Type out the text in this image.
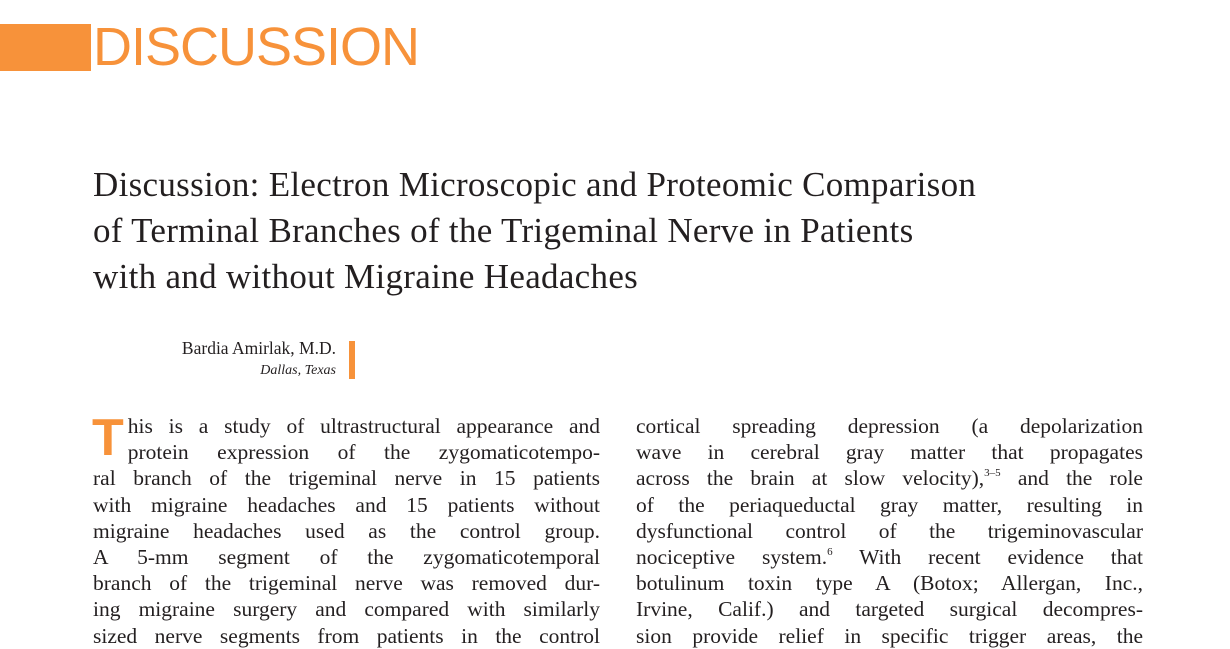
DISCUSSION
Discussion: Electron Microscopic and Proteomic Comparison
of Terminal Branches of the Trigeminal Nerve in Patients
with and without Migraine Headaches
Bardia Amirlak, M.D.
Dallas, Texas
T his is a study of ultrastructural appearance and
protein expression of the zygomaticotempo-
ral branch of the trigeminal nerve in 15 patients
with migraine headaches and 15 patients without
migraine headaches used as the control group.
A 5-mm segment of the zygomaticotemporal
branch of the trigeminal nerve was removed dur-
ing migraine surgery and compared with similarly
sized nerve segments from patients in the control
cortical spreading depression (a depolarization
wave in cerebral gray matter that propagates
across the brain at slow velocity),$^{3-5}$ and the role
of the periaqueductal gray matter, resulting in
dysfunctional control of the trigeminovascular
nociceptive system.$^6$ With recent evidence that
botulinum toxin type A (Botox; Allergan, Inc.,
Irvine, Calif.) and targeted surgical decompres-
sion provide relief in specific trigger areas, the
